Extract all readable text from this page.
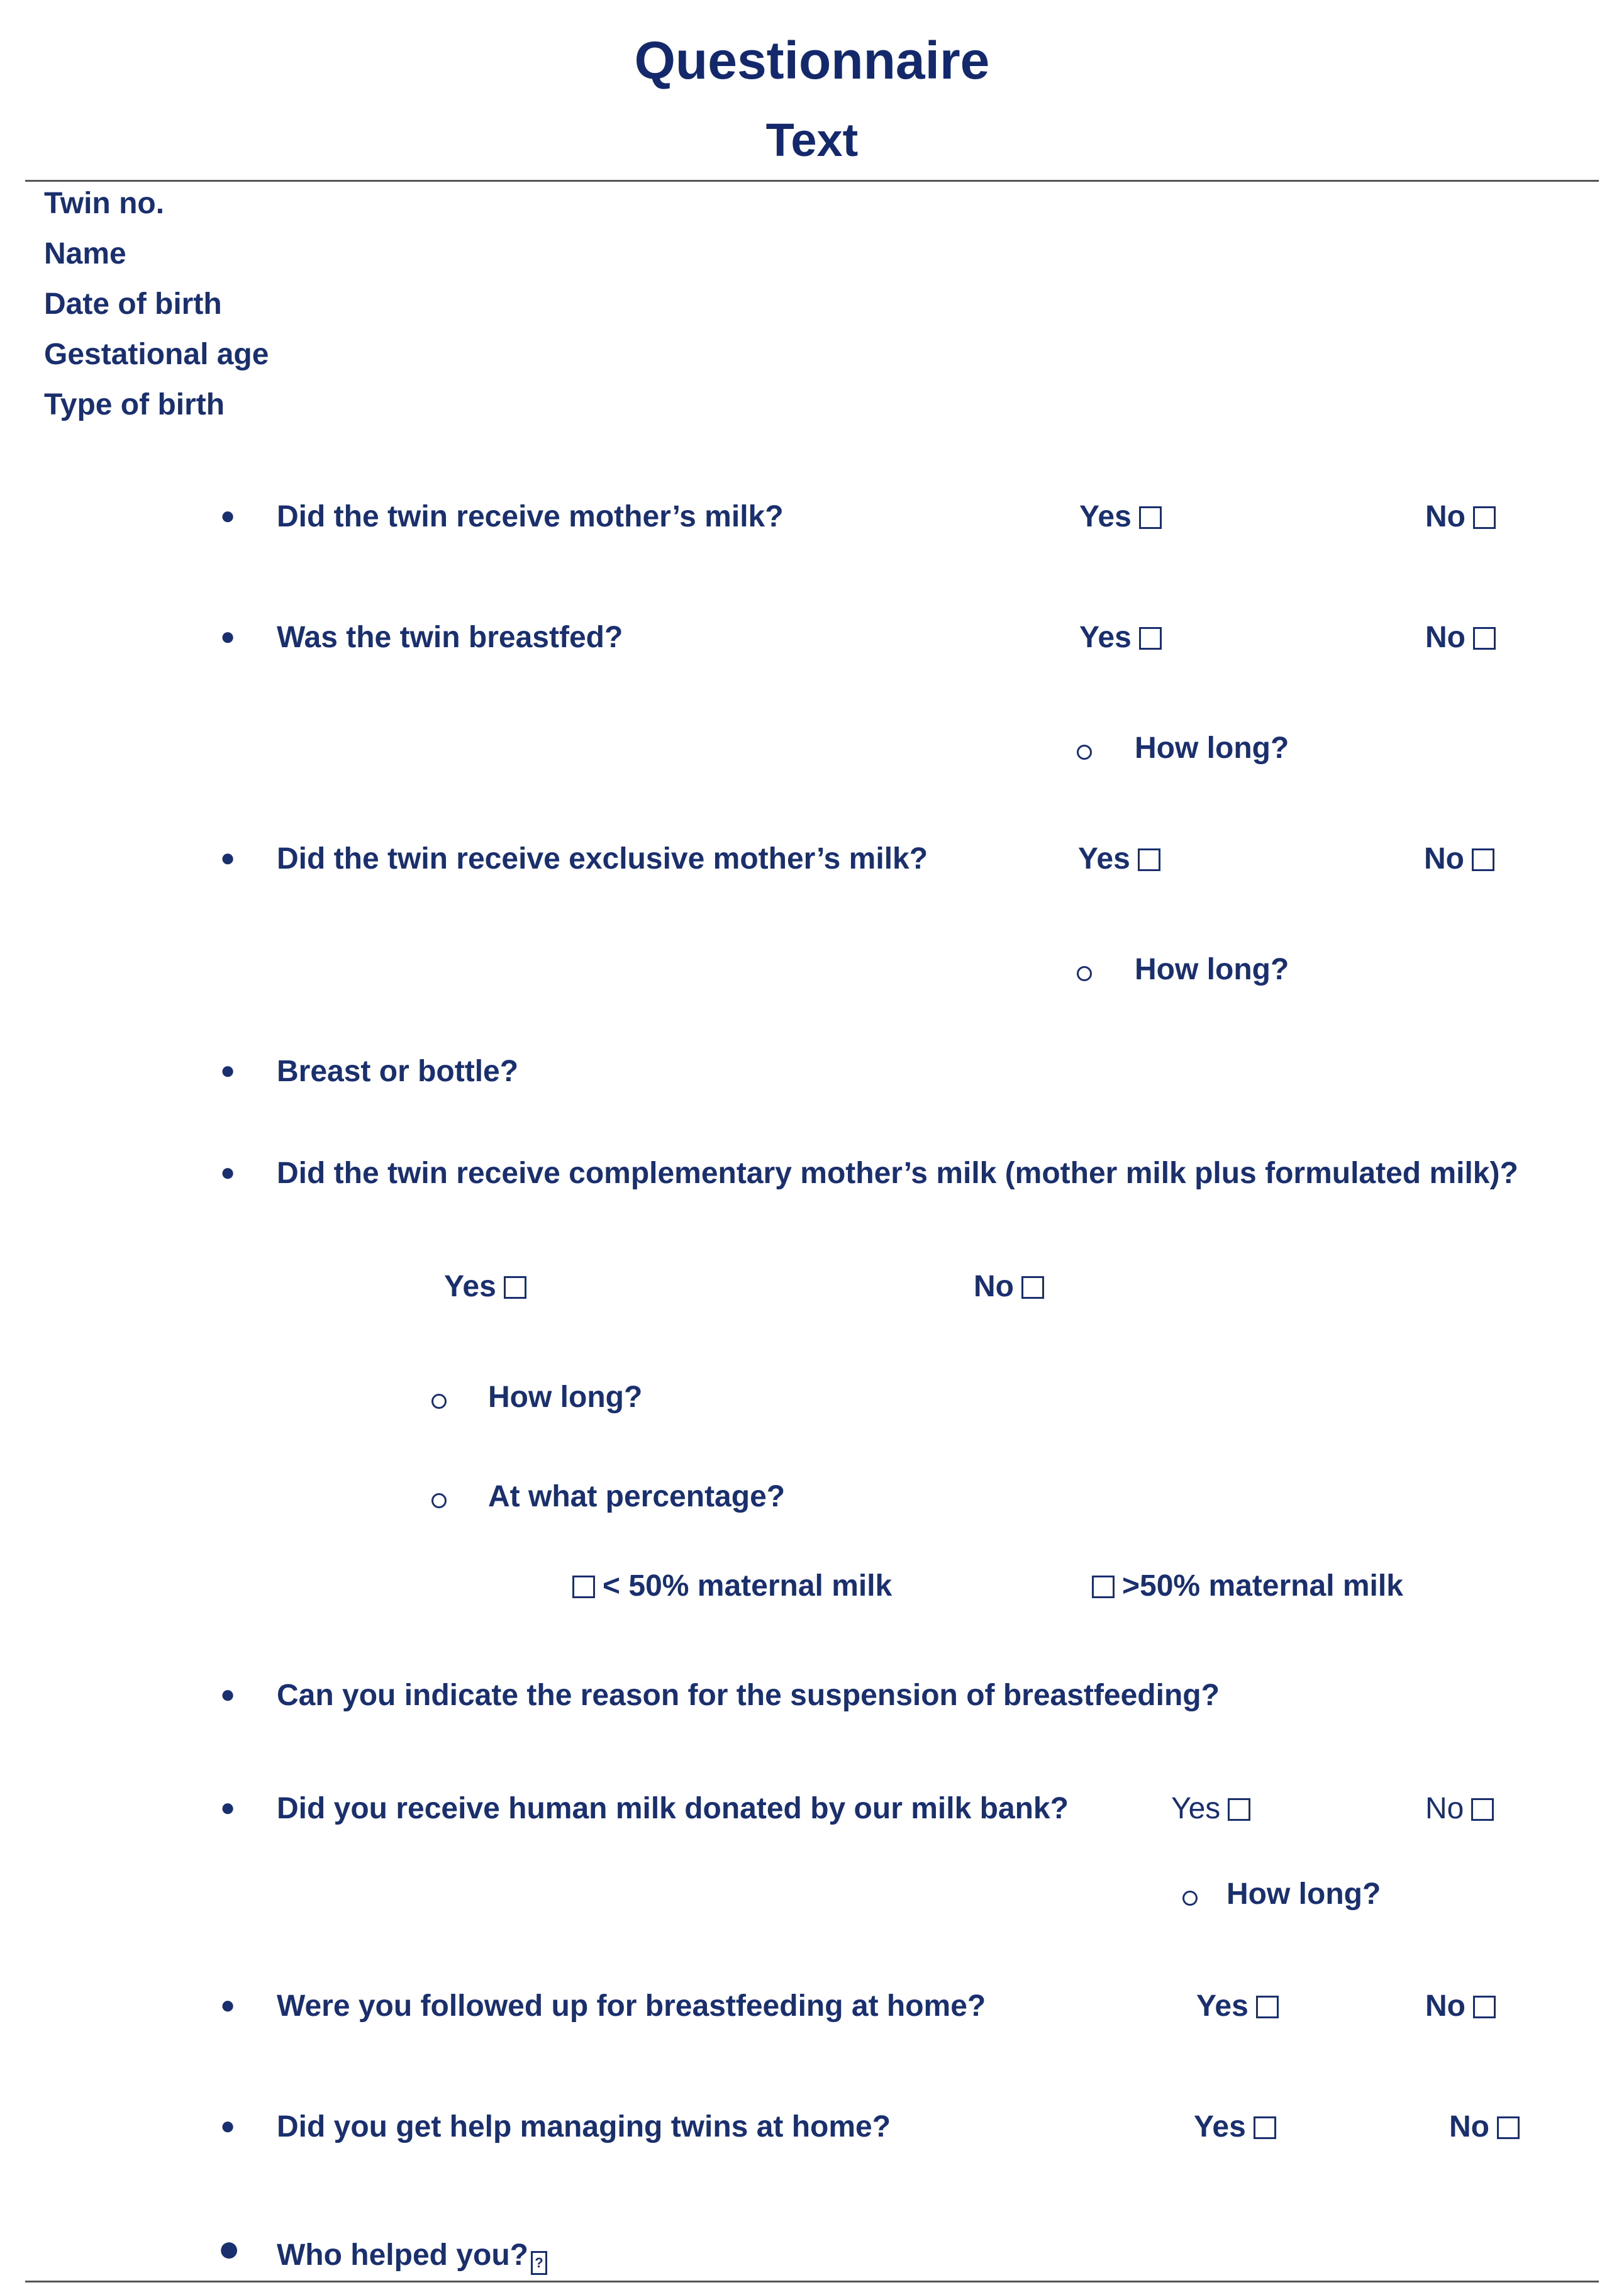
Questionnaire
Text
Twin no.
Name
Date of birth
Gestational age
Type of birth
● Did the twin receive mother’s milk?	Yes	No
● Was the twin breastfed?	Yes	No
How long?
● Did the twin receive exclusive mother’s milk?	Yes	No
How long?
● Breast or bottle?
● Did the twin receive complementary mother’s milk (mother milk plus formulated milk)?
Yes	No
How long?
At what percentage?
< 50% maternal milk	>50% maternal milk
● Can you indicate the reason for the suspension of breastfeeding?
● Did you receive human milk donated by our milk bank?	Yes	No
How long?
● Were you followed up for breastfeeding at home?	Yes	No
● Did you get help managing twins at home?	Yes	No
● Who helped you? ?
